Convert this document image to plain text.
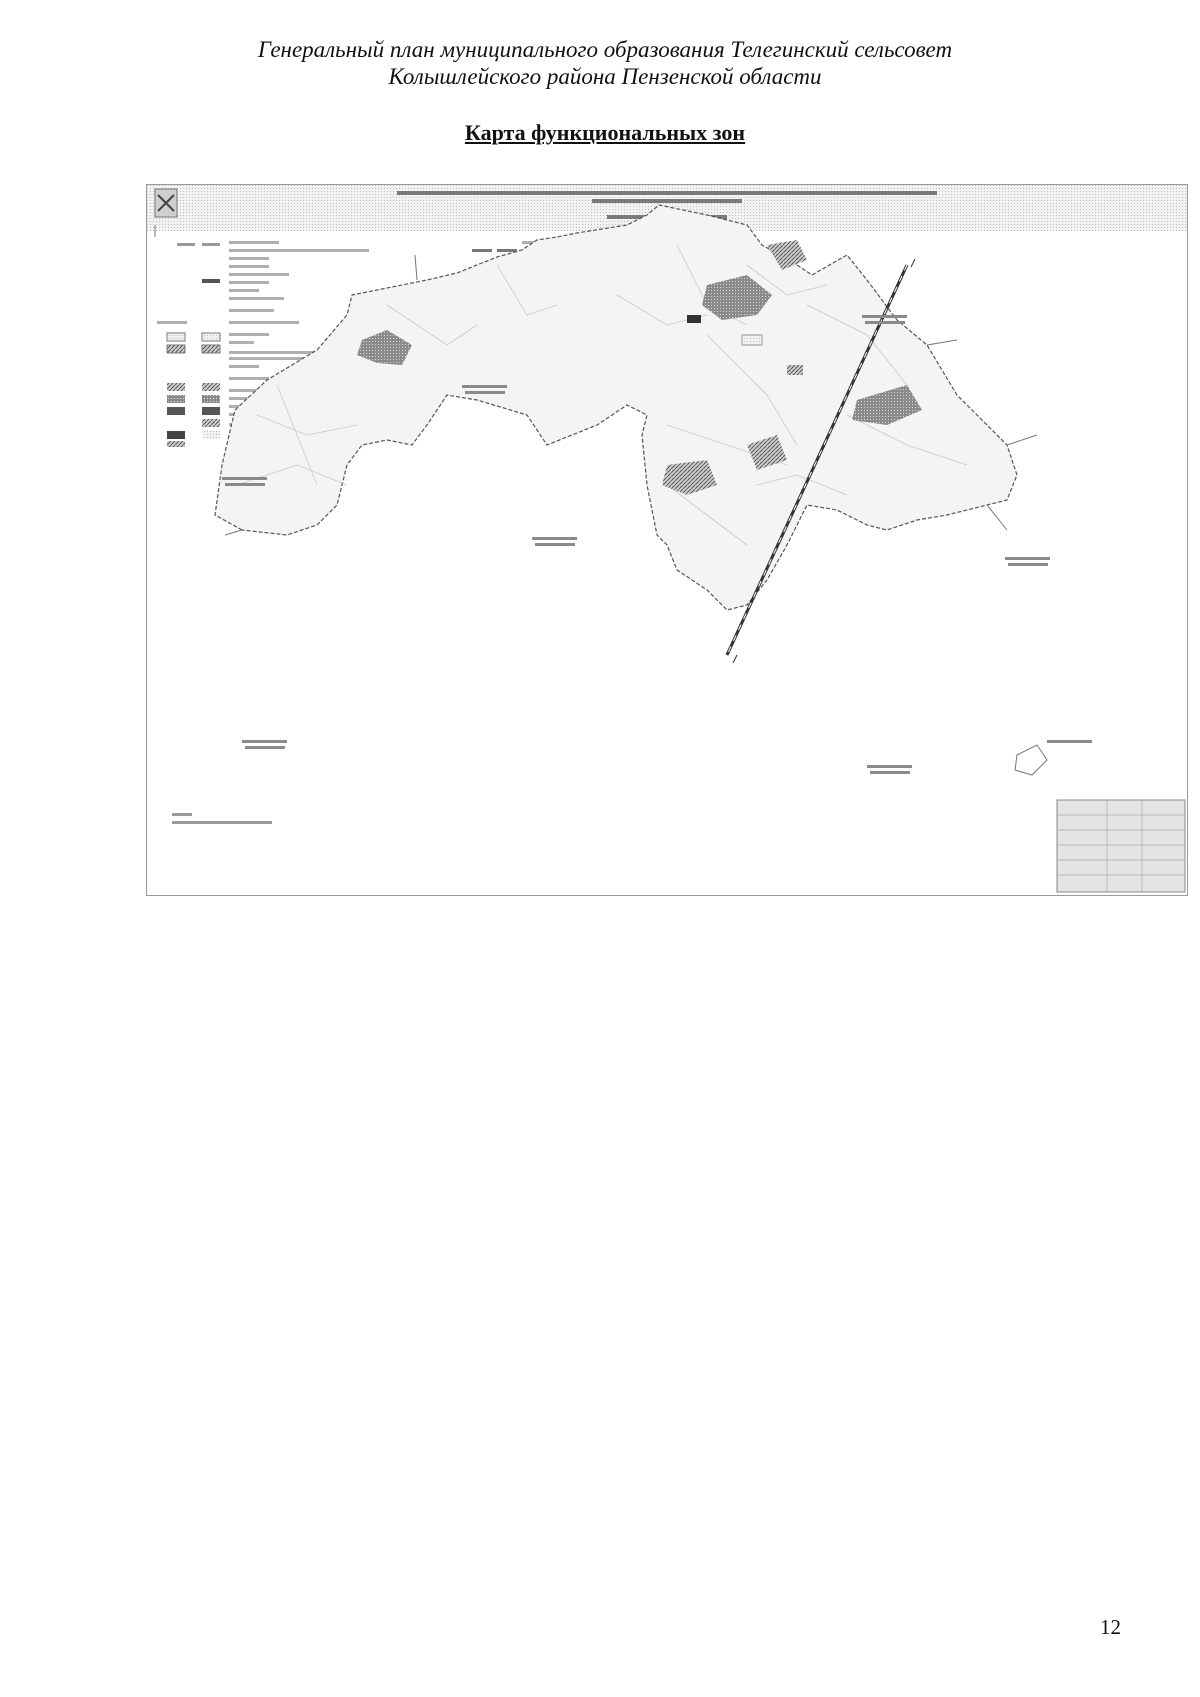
Генеральный план муниципального образования Телегинский сельсовет
Колышлейского района Пензенской области
Карта функциональных зон
12
